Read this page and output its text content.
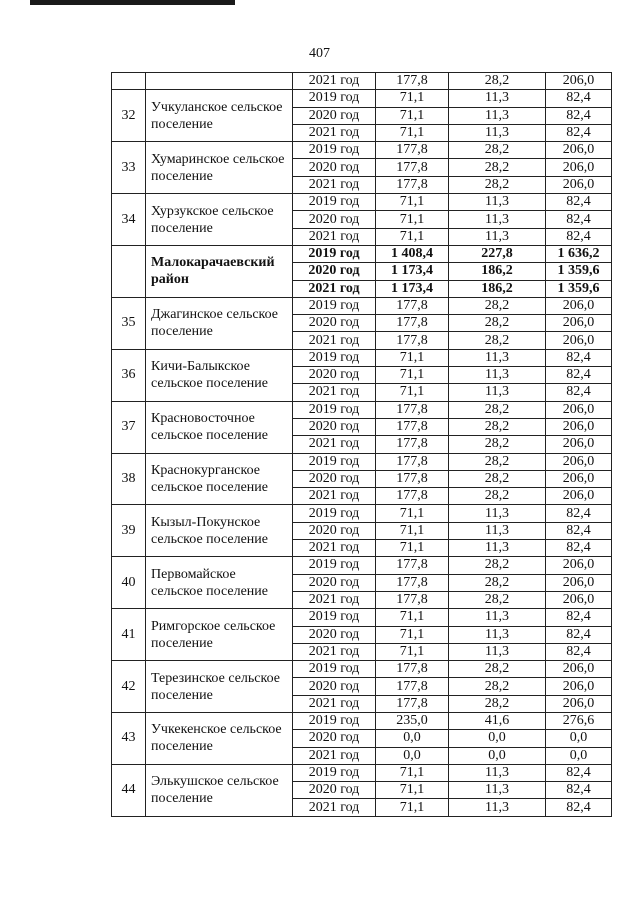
407
		2021 год	177,8	28,2	206,0
32	Учкуланское сельское поселение	2019 год	71,1	11,3	82,4
		2020 год	71,1	11,3	82,4
		2021 год	71,1	11,3	82,4
33	Хумаринское сельское поселение	2019 год	177,8	28,2	206,0
		2020 год	177,8	28,2	206,0
		2021 год	177,8	28,2	206,0
34	Хурзукское сельское поселение	2019 год	71,1	11,3	82,4
		2020 год	71,1	11,3	82,4
		2021 год	71,1	11,3	82,4
	Малокарачаевский район	2019 год	1 408,4	227,8	1 636,2
		2020 год	1 173,4	186,2	1 359,6
		2021 год	1 173,4	186,2	1 359,6
35	Джагинское сельское поселение	2019 год	177,8	28,2	206,0
		2020 год	177,8	28,2	206,0
		2021 год	177,8	28,2	206,0
36	Кичи-Балыкское сельское поселение	2019 год	71,1	11,3	82,4
		2020 год	71,1	11,3	82,4
		2021 год	71,1	11,3	82,4
37	Красновосточное сельское поселение	2019 год	177,8	28,2	206,0
		2020 год	177,8	28,2	206,0
		2021 год	177,8	28,2	206,0
38	Краснокурганское сельское поселение	2019 год	177,8	28,2	206,0
		2020 год	177,8	28,2	206,0
		2021 год	177,8	28,2	206,0
39	Кызыл-Покунское сельское поселение	2019 год	71,1	11,3	82,4
		2020 год	71,1	11,3	82,4
		2021 год	71,1	11,3	82,4
40	Первомайское сельское поселение	2019 год	177,8	28,2	206,0
		2020 год	177,8	28,2	206,0
		2021 год	177,8	28,2	206,0
41	Римгорское сельское поселение	2019 год	71,1	11,3	82,4
		2020 год	71,1	11,3	82,4
		2021 год	71,1	11,3	82,4
42	Терезинское сельское поселение	2019 год	177,8	28,2	206,0
		2020 год	177,8	28,2	206,0
		2021 год	177,8	28,2	206,0
43	Учкекенское сельское поселение	2019 год	235,0	41,6	276,6
		2020 год	0,0	0,0	0,0
		2021 год	0,0	0,0	0,0
44	Элькушское сельское поселение	2019 год	71,1	11,3	82,4
		2020 год	71,1	11,3	82,4
		2021 год	71,1	11,3	82,4
